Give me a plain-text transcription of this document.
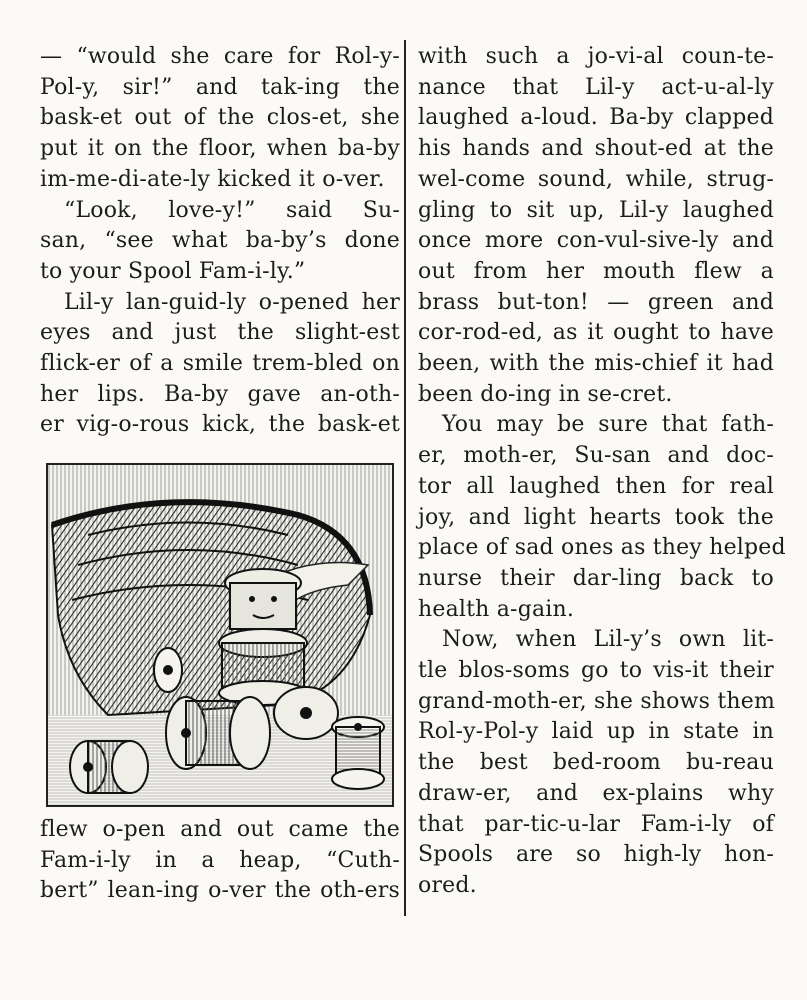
— “would she care for Rol-y-
Pol-y, sir!” and tak-ing the
bask-et out of the clos-et, she
put it on the floor, when ba-by
im-me-di-ate-ly kicked it o-ver.
“Look, love-y!” said Su-
san, “see what ba-by’s done
to your Spool Fam-i-ly.”
Lil-y lan-guid-ly o-pened her
eyes and just the slight-est
flick-er of a smile trem-bled on
her lips. Ba-by gave an-oth-
er vig-o-rous kick, the bask-et
flew o-pen and out came the
Fam-i-ly in a heap, “Cuth-
bert” lean-ing o-ver the oth-ers
with such a jo-vi-al coun-te-
nance that Lil-y act-u-al-ly
laughed a-loud. Ba-by clapped
his hands and shout-ed at the
wel-come sound, while, strug-
gling to sit up, Lil-y laughed
once more con-vul-sive-ly and
out from her mouth flew a
brass but-ton! — green and
cor-rod-ed, as it ought to have
been, with the mis-chief it had
been do-ing in se-cret.
You may be sure that fath-
er, moth-er, Su-san and doc-
tor all laughed then for real
joy, and light hearts took the
place of sad ones as they helped
nurse their dar-ling back to
health a-gain.
Now, when Lil-y’s own lit-
tle blos-soms go to vis-it their
grand-moth-er, she shows them
Rol-y-Pol-y laid up in state in
the best bed-room bu-reau
draw-er, and ex-plains why
that par-tic-u-lar Fam-i-ly of
Spools are so high-ly hon-
ored.
